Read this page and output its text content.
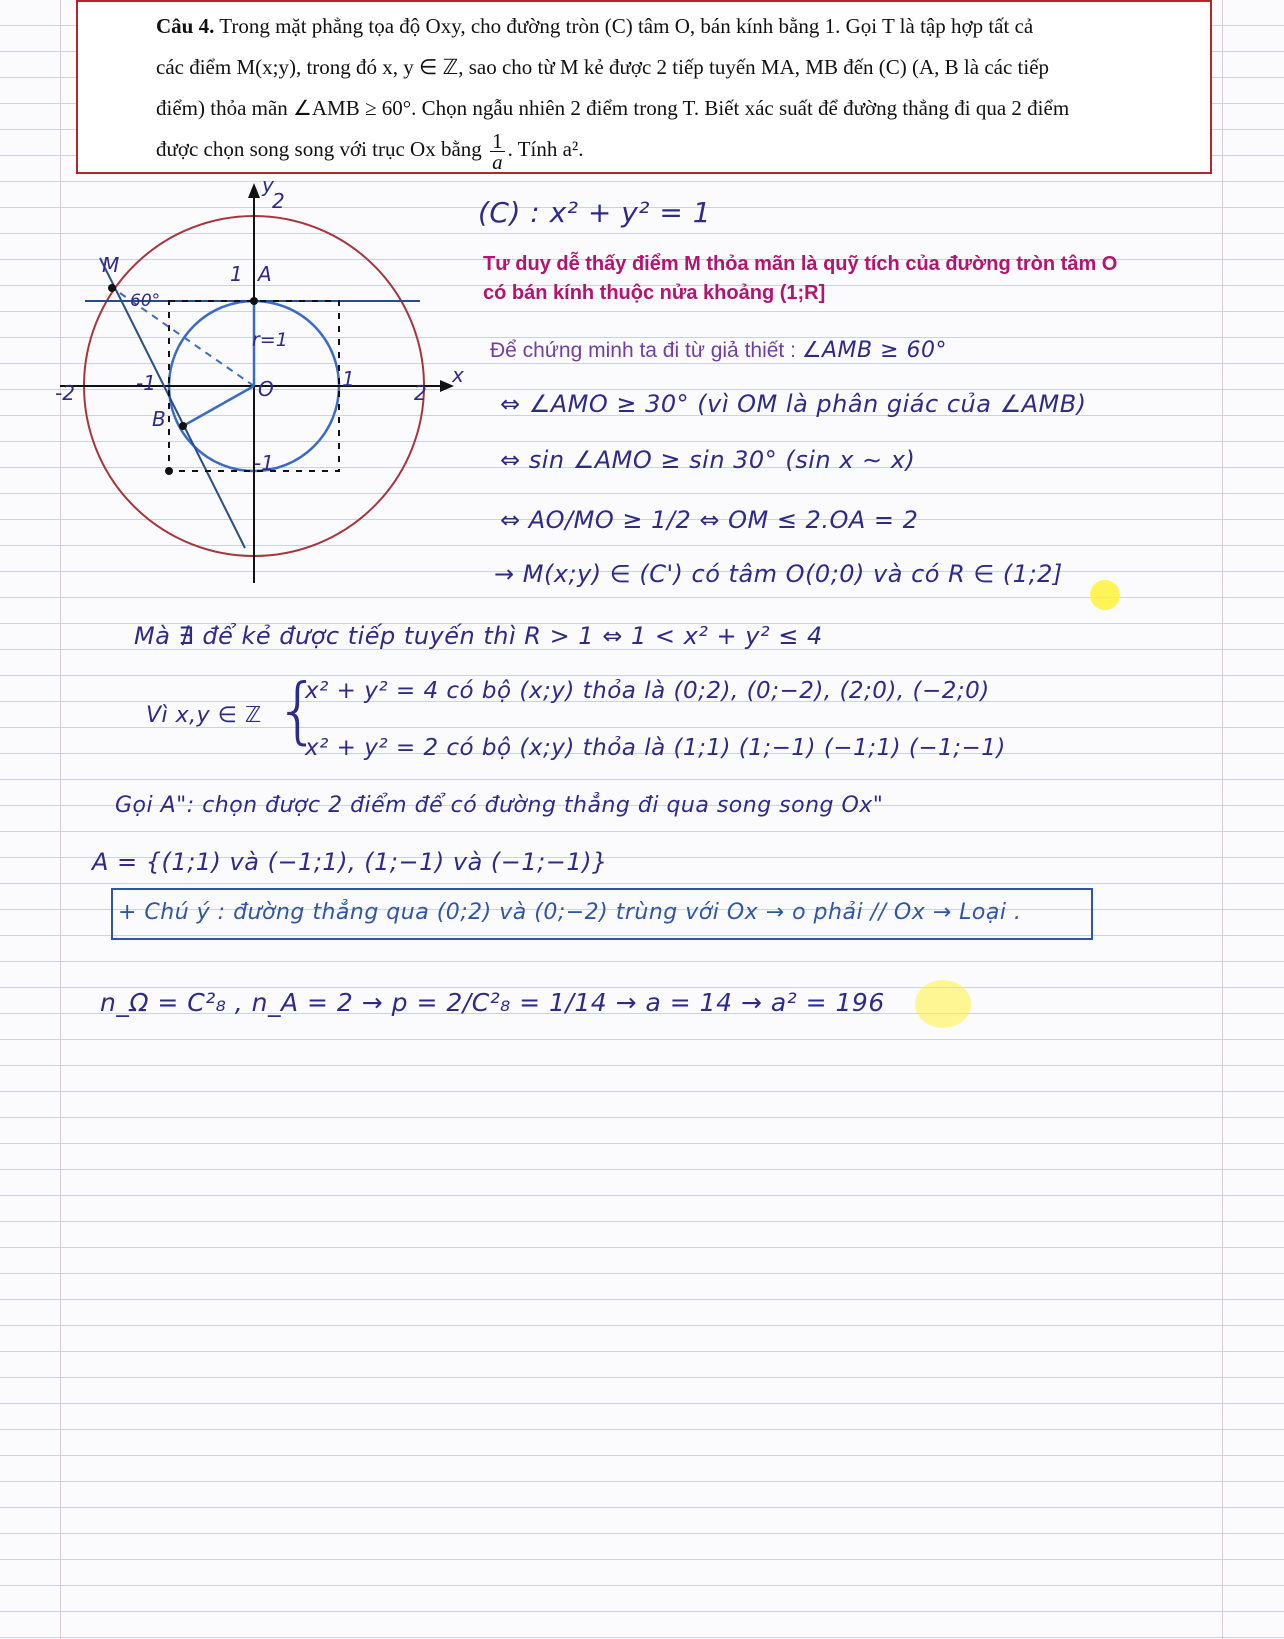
Câu 4. Trong mặt phẳng tọa độ Oxy, cho đường tròn (C) tâm O, bán kính bằng 1. Gọi T là tập hợp tất cả
các điểm M(x;y), trong đó x, y ∈ ℤ, sao cho từ M kẻ được 2 tiếp tuyến MA, MB đến (C) (A, B là các tiếp
điểm) thỏa mãn ∠AMB ≥ 60°. Chọn ngẫu nhiên 2 điểm trong T. Biết xác suất để đường thẳng đi qua 2 điểm
được chọn song song với trục Ox bằng $\frac{1}{a}$ . Tính a².
y
2
x
1 A
M
60°
r=1
O
-2	-1	1
2
B
-1
(C) : x² + y² = 1
Tư duy dễ thấy điểm M thỏa mãn là quỹ tích của đường tròn tâm O
có bán kính thuộc nửa khoảng (1;R]
Để chứng minh ta đi từ giả thiết : ∠AMB ≥ 60°
⇔ ∠AMO ≥ 30° (vì OM là phân giác của ∠AMB)
⇔ sin ∠AMO ≥ sin 30° (sin x ∼ x)
⇔ AO/MO ≥ 1/2 ⇔ OM ≤ 2.OA = 2
→ M(x;y) ∈ (C') có tâm O(0;0) và có R ∈ (1;2]
Mà ∄ để kẻ được tiếp tuyến thì R > 1 ⇔ 1 < x² + y² ≤ 4
Vì x,y ∈ ℤ {
x² + y² = 4 có bộ (x;y) thỏa là (0;2), (0;−2), (2;0), (−2;0)
x² + y² = 2 có bộ (x;y) thỏa là (1;1) (1;−1) (−1;1) (−1;−1)
Gọi A": chọn được 2 điểm để có đường thẳng đi qua song song Ox"
A = {(1;1) và (−1;1), (1;−1) và (−1;−1)}
+ Chú ý : đường thẳng qua (0;2) và (0;−2) trùng với Ox → o phải // Ox → Loại .
n_Ω = C²₈ , n_A = 2 → p = 2/C²₈ = 1/14 → a = 14 → a² = 196
